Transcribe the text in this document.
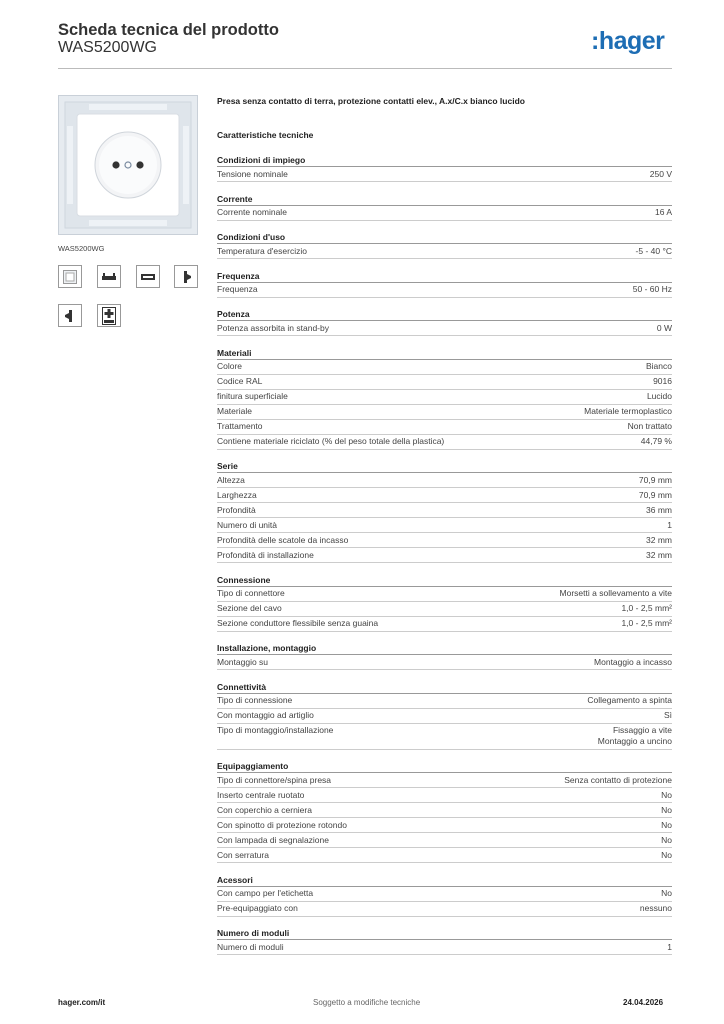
Scheda tecnica del prodotto
WAS5200WG	:hager
WAS5200WG
Presa senza contatto di terra, protezione contatti elev., A.x/C.x bianco lucido
Caratteristiche tecniche
Condizioni di impiego
Tensione nominale	250 V
Corrente
Corrente nominale	16 A
Condizioni d'uso
Temperatura d'esercizio	-5 - 40 °C
Frequenza
Frequenza	50 - 60 Hz
Potenza
Potenza assorbita in stand-by	0 W
Materiali
Colore	Bianco
Codice RAL	9016
finitura superficiale	Lucido
Materiale	Materiale termoplastico
Trattamento	Non trattato
Contiene materiale riciclato (% del peso totale della plastica)	44,79 %
Serie
Altezza	70,9 mm
Larghezza	70,9 mm
Profondità	36 mm
Numero di unità	1
Profondità delle scatole da incasso	32 mm
Profondità di installazione	32 mm
Connessione
Tipo di connettore	Morsetti a sollevamento a vite
Sezione del cavo	1,0 - 2,5 mm²
Sezione conduttore flessibile senza guaina	1,0 - 2,5 mm²
Installazione, montaggio
Montaggio su	Montaggio a incasso
Connettività
Tipo di connessione	Collegamento a spinta
Con montaggio ad artiglio	Sì
Tipo di montaggio/installazione	Fissaggio a vite
Montaggio a uncino
Equipaggiamento
Tipo di connettore/spina presa	Senza contatto di protezione
Inserto centrale ruotato	No
Con coperchio a cerniera	No
Con spinotto di protezione rotondo	No
Con lampada di segnalazione	No
Con serratura	No
Acessori
Con campo per l'etichetta	No
Pre-equipaggiato con	nessuno
Numero di moduli
Numero di moduli	1
hager.com/it	Soggetto a modifiche tecniche	24.04.2026
